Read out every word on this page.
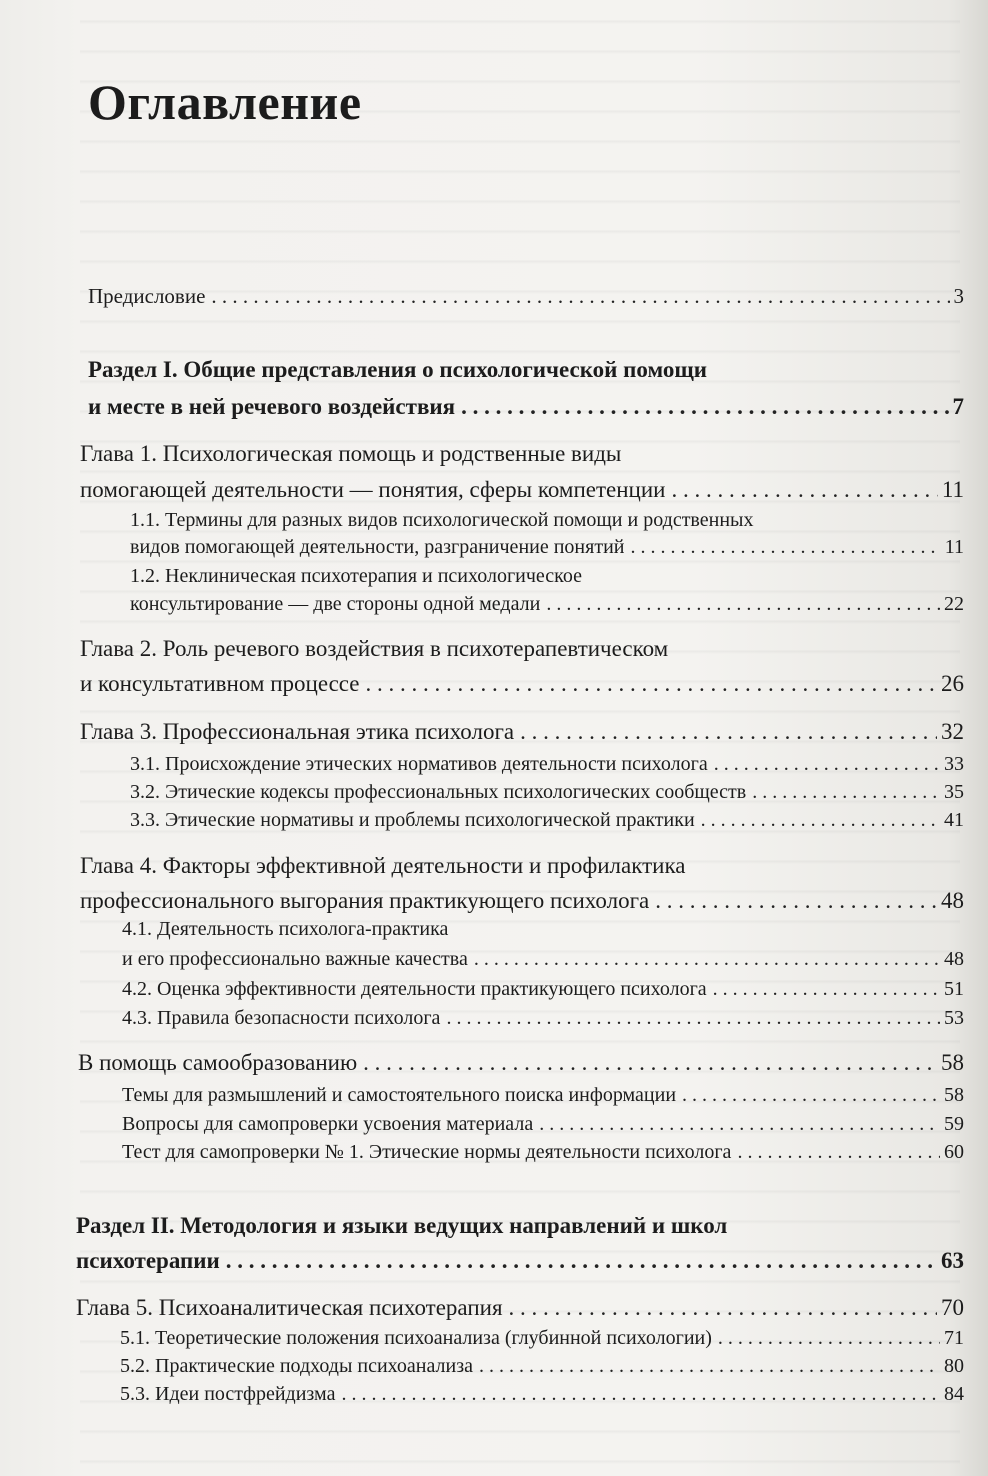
Оглавление
Предисловие . . .	3
Раздел I. Общие представления о психологической помощи
и месте в ней речевого воздействия . . .	7
Глава 1. Психологическая помощь и родственные виды
помогающей деятельности — понятия, сферы компетенции . . .	11
1.1. Термины для разных видов психологической помощи и родственных
видов помогающей деятельности, разграничение понятий . . .	11
1.2. Неклиническая психотерапия и психологическое
консультирование — две стороны одной медали . . .	22
Глава 2. Роль речевого воздействия в психотерапевтическом
и консультативном процессе . . .	26
Глава 3. Профессиональная этика психолога . . .	32
3.1. Происхождение этических нормативов деятельности психолога . . .	33
3.2. Этические кодексы профессиональных психологических сообществ . . .	35
3.3. Этические нормативы и проблемы психологической практики . . .	41
Глава 4. Факторы эффективной деятельности и профилактика
профессионального выгорания практикующего психолога . . .	48
4.1. Деятельность психолога-практика
и его профессионально важные качества . . .	48
4.2. Оценка эффективности деятельности практикующего психолога . . .	51
4.3. Правила безопасности психолога . . .	53
В помощь самообразованию . . .	58
Темы для размышлений и самостоятельного поиска информации . . .	58
Вопросы для самопроверки усвоения материала . . .	59
Тест для самопроверки № 1. Этические нормы деятельности психолога . . .	60
Раздел II. Методология и языки ведущих направлений и школ
психотерапии . . .	63
Глава 5. Психоаналитическая психотерапия . . .	70
5.1. Теоретические положения психоанализа (глубинной психологии) . . .	71
5.2. Практические подходы психоанализа . . .	80
5.3. Идеи постфрейдизма . . .	84
